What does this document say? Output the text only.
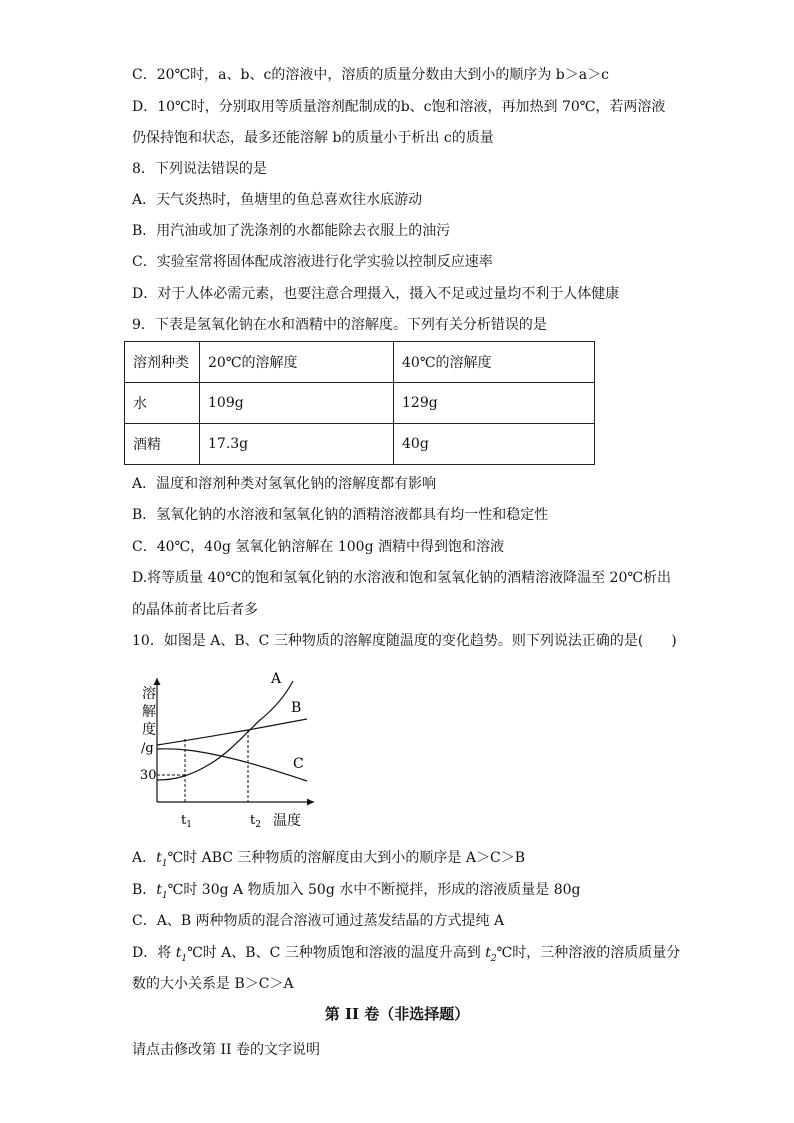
C．20℃时，a、b、c的溶液中，溶质的质量分数由大到小的顺序为 b＞a＞c
D．10℃时，分别取用等质量溶剂配制成的b、c饱和溶液，再加热到 70℃，若两溶液
仍保持饱和状态，最多还能溶解 b的质量小于析出 c的质量
8．下列说法错误的是
A．天气炎热时，鱼塘里的鱼总喜欢往水底游动
B．用汽油或加了洗涤剂的水都能除去衣服上的油污
C．实验室常将固体配成溶液进行化学实验以控制反应速率
D．对于人体必需元素，也要注意合理摄入，摄入不足或过量均不利于人体健康
9．下表是氢氧化钠在水和酒精中的溶解度。下列有关分析错误的是
溶剂种类	20℃的溶解度	40℃的溶解度
水	109g	129g
酒精	17.3g	40g
A．温度和溶剂种类对氢氧化钠的溶解度都有影响
B．氢氧化钠的水溶液和氢氧化钠的酒精溶液都具有均一性和稳定性
C．40℃，40g 氢氧化钠溶解在 100g 酒精中得到饱和溶液
D.将等质量 40℃的饱和氢氧化钠的水溶液和饱和氢氧化钠的酒精溶液降温至 20℃析出
的晶体前者比后者多
10．如图是 A、B、C 三种物质的溶解度随温度的变化趋势。则下列说法正确的是(　　)
溶
解
度
/g
30
A
B
C
$t_1$	$t_2$ 温度
A．$t_1℃$时 ABC 三种物质的溶解度由大到小的顺序是 A＞C＞B
B．$t_1℃$时 30g A 物质加入 50g 水中不断搅拌，形成的溶液质量是 80g
C．A、B 两种物质的混合溶液可通过蒸发结晶的方式提纯 A
D．将 $t_1℃$时 A、B、C 三种物质饱和溶液的温度升高到 $t_2℃$时，三种溶液的溶质质量分
数的大小关系是 B＞C＞A
第 II 卷（非选择题）
请点击修改第 II 卷的文字说明
